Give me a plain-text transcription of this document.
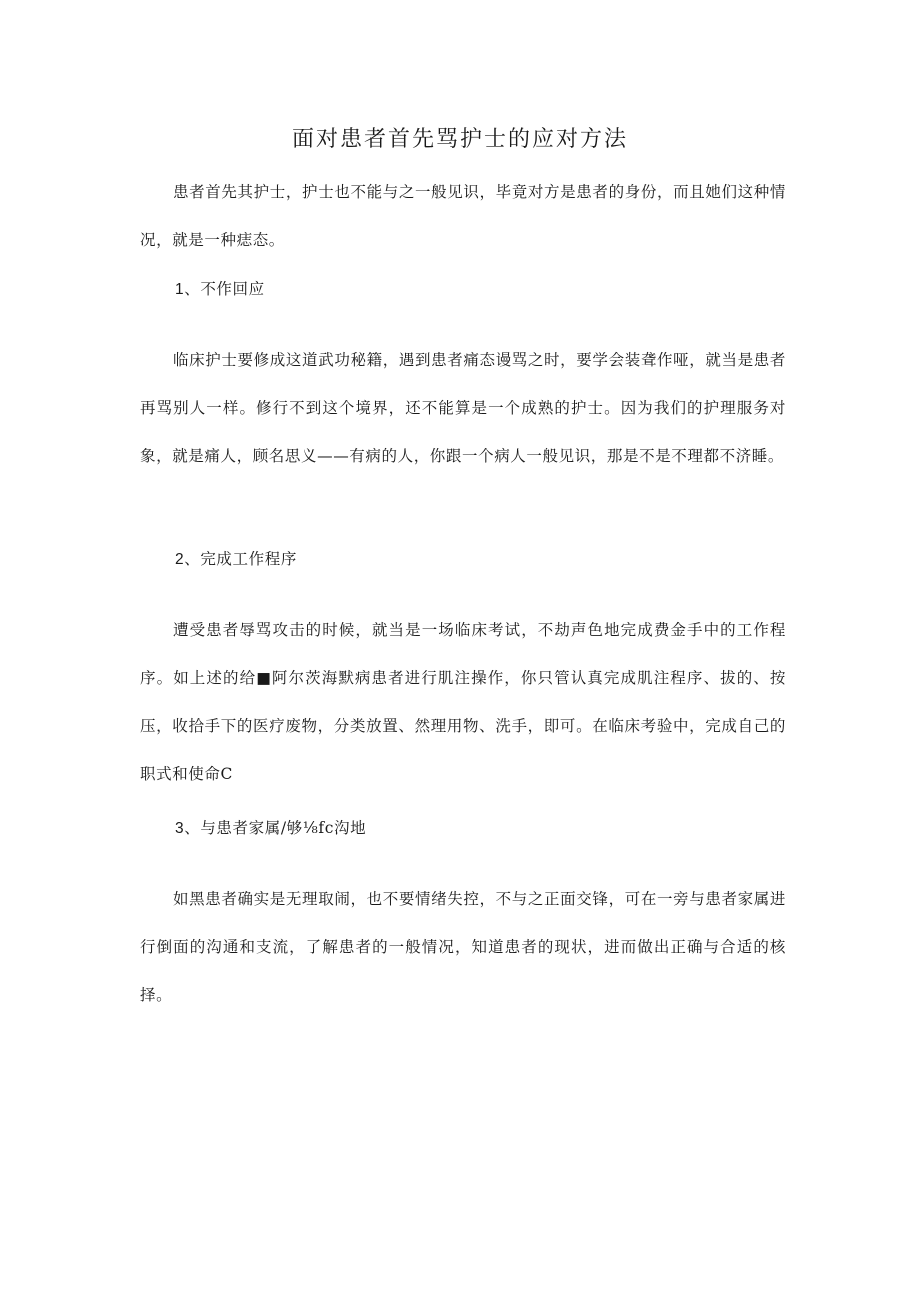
面对患者首先骂护士的应对方法

患者首先其护士，护士也不能与之一般见识，毕竟对方是患者的身份，而且她们这种情况，就是一种痣态。

1、不作回应

临床护士要修成这道武功秘籍，遇到患者痛态谩骂之时，要学会装聋作哑，就当是患者再骂别人一样。修行不到这个境界，还不能算是一个成熟的护士。因为我们的护理服务对象，就是痛人，顾名思义——有病的人，你跟一个病人一般见识，那是不是不理都不济睡。

2、完成工作程序

遭受患者辱骂攻击的时候，就当是一场临床考试，不劫声色地完成费金手中的工作程序。如上述的给■阿尔茨海默病患者进行肌注操作，你只管认真完成肌注程序、拔的、按压，收拾手下的医疗废物，分类放置、然理用物、洗手，即可。在临床考验中，完成自己的职式和使命C

3、与患者家属/够⅛fc沟地

如黑患者确实是无理取闹，也不要情绪失控，不与之正面交锋，可在一旁与患者家属进行倒面的沟通和支流，了解患者的一般情况，知道患者的现状，进而做出正确与合适的核择。
